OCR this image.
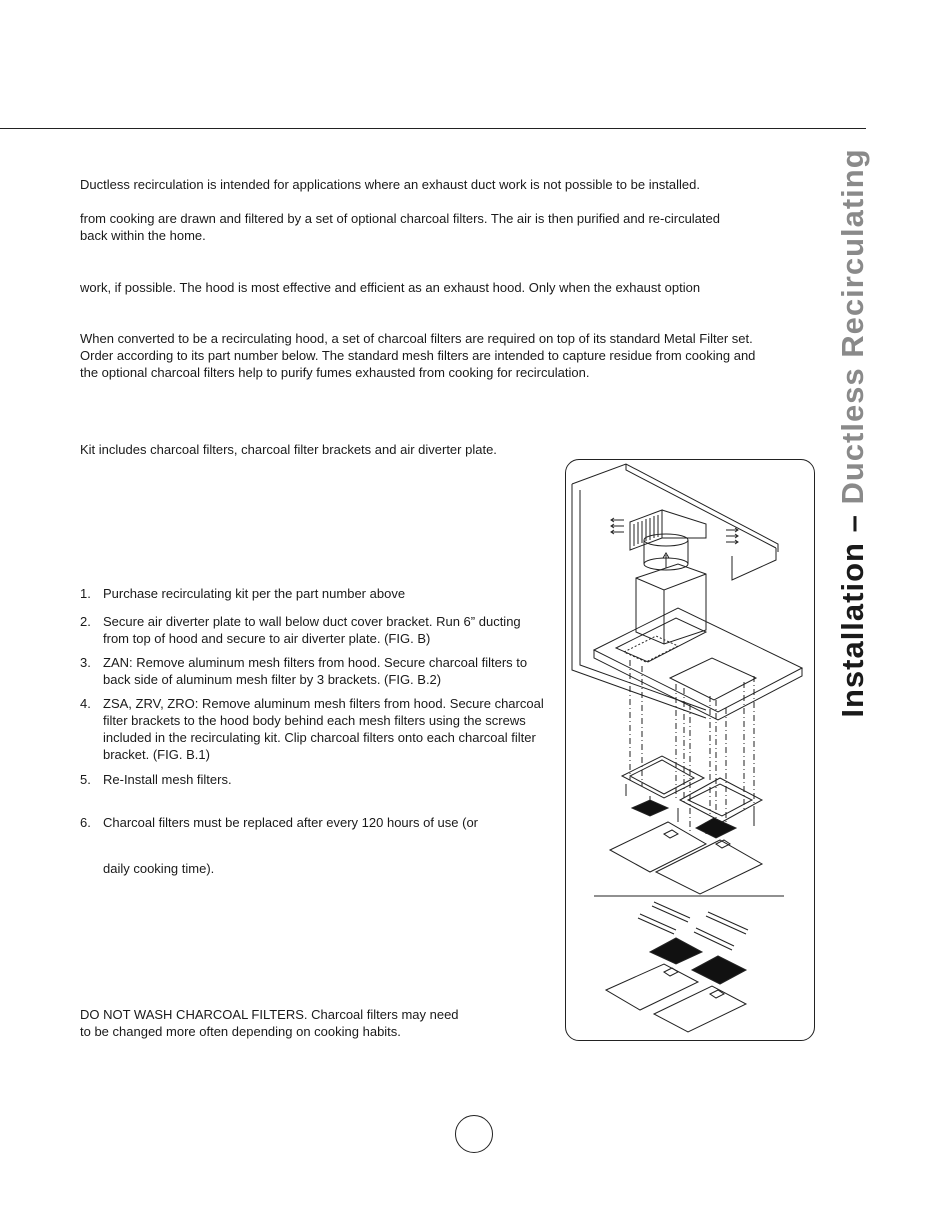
Ductless recirculation is intended for applications where an exhaust duct work is not possible to be installed.

from cooking are drawn and filtered by a set of optional charcoal filters. The air is then purified and re-circulated back within the home.

work, if possible. The hood is most effective and efficient as an exhaust hood. Only when the exhaust option

When converted to be a recirculating hood, a set of charcoal filters are required on top of its standard Metal Filter set. Order according to its part number below. The standard mesh filters are intended to capture residue from cooking and the optional charcoal filters help to purify fumes exhausted from cooking for recirculation.

Kit includes charcoal filters, charcoal filter brackets and air diverter plate.

1. Purchase recirculating kit per the part number above
2. Secure air diverter plate to wall below duct cover bracket. Run 6” ducting from top of hood and secure to air diverter plate. (FIG. B)
3. ZAN: Remove aluminum mesh filters from hood. Secure charcoal filters to back side of aluminum mesh filter by 3 brackets. (FIG. B.2)
4. ZSA, ZRV, ZRO: Remove aluminum mesh filters from hood. Secure charcoal filter brackets to the hood body behind each mesh filters using the screws included in the recirculating kit. Clip charcoal filters onto each charcoal filter bracket. (FIG. B.1)
5. Re-Install mesh filters.
6. Charcoal filters must be replaced after every 120 hours of use (or

daily cooking time).

DO NOT WASH CHARCOAL FILTERS. Charcoal filters may need

to be changed more often depending on cooking habits.

Installation – Ductless Recirculating
